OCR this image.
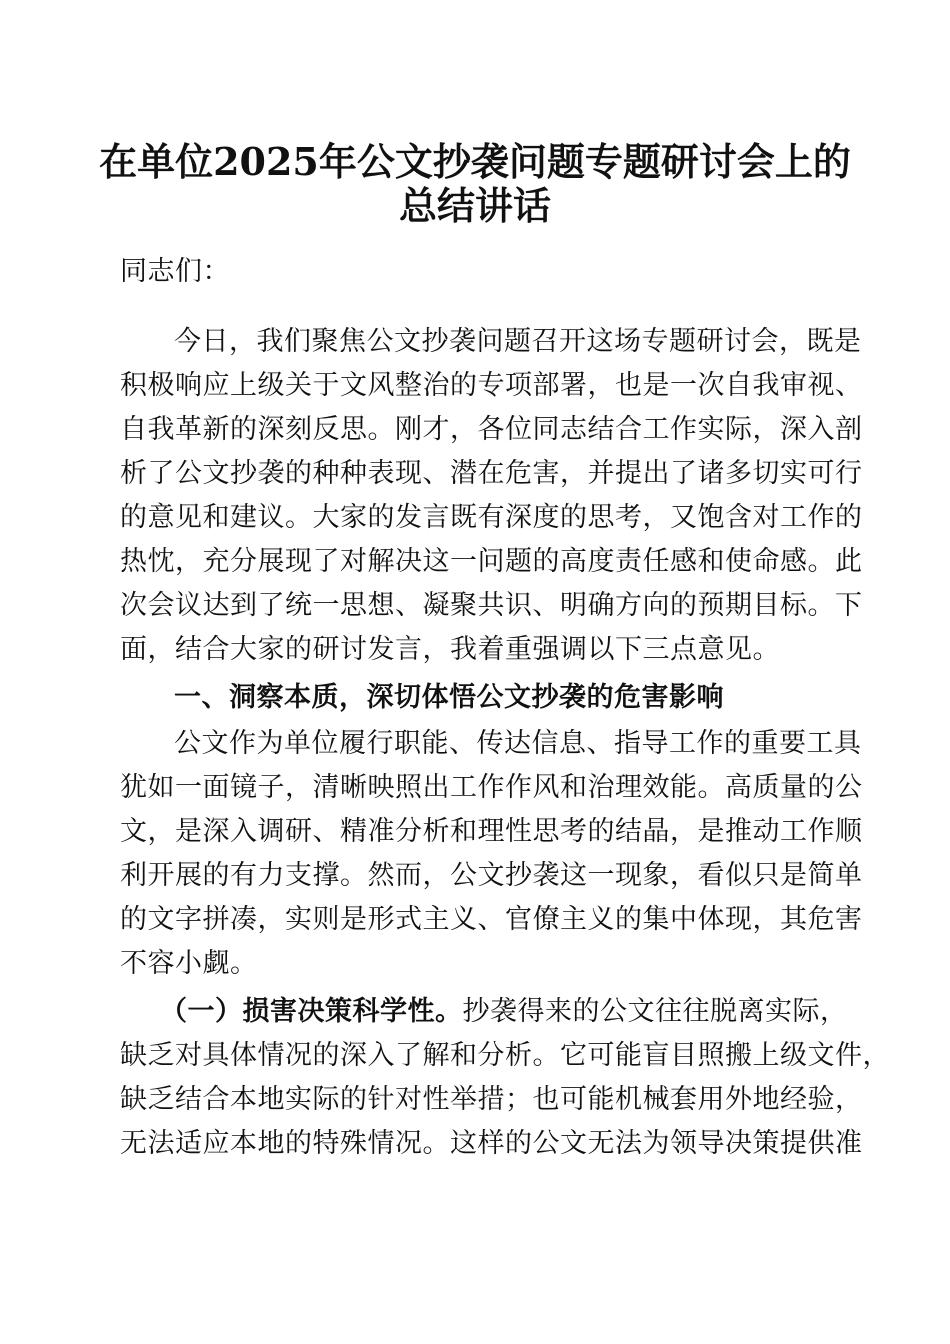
在单位2025年公文抄袭问题专题研讨会上的
总结讲话
同志们：
今日，我们聚焦公文抄袭问题召开这场专题研讨会，既是
积极响应上级关于文风整治的专项部署，也是一次自我审视、
自我革新的深刻反思。刚才，各位同志结合工作实际，深入剖
析了公文抄袭的种种表现、潜在危害，并提出了诸多切实可行
的意见和建议。大家的发言既有深度的思考，又饱含对工作的
热忱，充分展现了对解决这一问题的高度责任感和使命感。此
次会议达到了统一思想、凝聚共识、明确方向的预期目标。下
面，结合大家的研讨发言，我着重强调以下三点意见。
一、洞察本质，深切体悟公文抄袭的危害影响
公文作为单位履行职能、传达信息、指导工作的重要工具
犹如一面镜子，清晰映照出工作作风和治理效能。高质量的公
文，是深入调研、精准分析和理性思考的结晶，是推动工作顺
利开展的有力支撑。然而，公文抄袭这一现象，看似只是简单
的文字拼凑，实则是形式主义、官僚主义的集中体现，其危害
不容小觑。
（一）损害决策科学性。抄袭得来的公文往往脱离实际，
缺乏对具体情况的深入了解和分析。它可能盲目照搬上级文件，
缺乏结合本地实际的针对性举措；也可能机械套用外地经验，
无法适应本地的特殊情况。这样的公文无法为领导决策提供准
